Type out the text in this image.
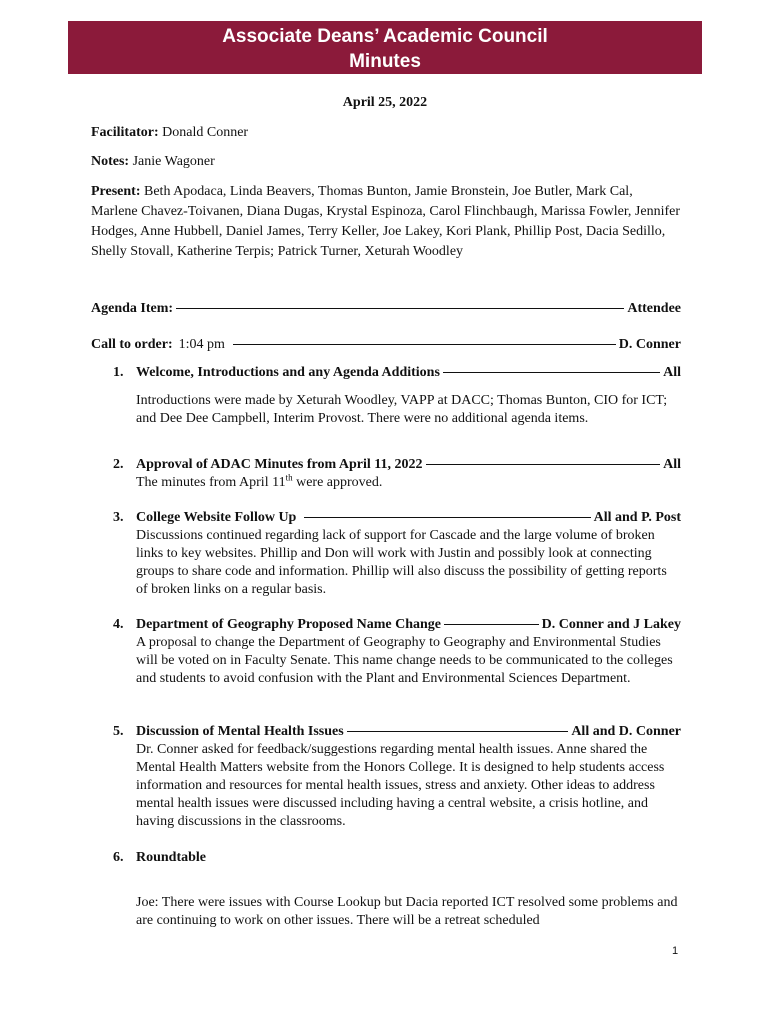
Associate Deans’ Academic Council
Minutes
April 25, 2022
Facilitator: Donald Conner
Notes: Janie Wagoner
Present: Beth Apodaca, Linda Beavers, Thomas Bunton, Jamie Bronstein, Joe Butler, Mark Cal, Marlene Chavez-Toivanen, Diana Dugas, Krystal Espinoza, Carol Flinchbaugh, Marissa Fowler, Jennifer Hodges, Anne Hubbell, Daniel James, Terry Keller, Joe Lakey, Kori Plank, Phillip Post, Dacia Sedillo, Shelly Stovall, Katherine Terpis; Patrick Turner, Xeturah Woodley
Agenda Item:	Attendee
Call to order: 1:04 pm	D. Conner
1. Welcome, Introductions and any Agenda Additions	All
Introductions were made by Xeturah Woodley, VAPP at DACC; Thomas Bunton, CIO for ICT; and Dee Dee Campbell, Interim Provost. There were no additional agenda items.
2. Approval of ADAC Minutes from April 11, 2022	All
The minutes from April 11th were approved.
3. College Website Follow Up	All and P. Post
Discussions continued regarding lack of support for Cascade and the large volume of broken links to key websites. Phillip and Don will work with Justin and possibly look at connecting groups to share code and information. Phillip will also discuss the possibility of getting reports of broken links on a regular basis.
4. Department of Geography Proposed Name Change	D. Conner and J Lakey
A proposal to change the Department of Geography to Geography and Environmental Studies will be voted on in Faculty Senate. This name change needs to be communicated to the colleges and students to avoid confusion with the Plant and Environmental Sciences Department.
5. Discussion of Mental Health Issues	All and D. Conner
Dr. Conner asked for feedback/suggestions regarding mental health issues. Anne shared the Mental Health Matters website from the Honors College. It is designed to help students access information and resources for mental health issues, stress and anxiety. Other ideas to address mental health issues were discussed including having a central website, a crisis hotline, and having discussions in the classrooms.
6. Roundtable
Joe: There were issues with Course Lookup but Dacia reported ICT resolved some problems and are continuing to work on other issues. There will be a retreat scheduled
1
